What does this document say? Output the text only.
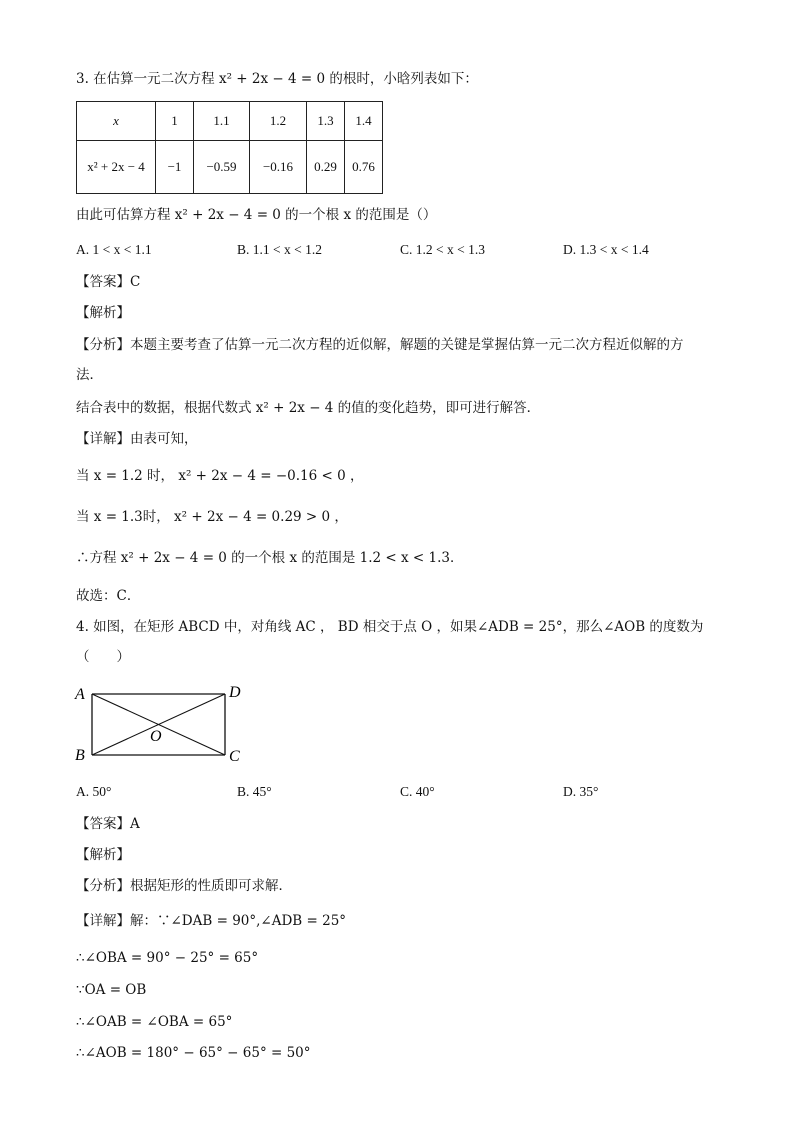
3. 在估算一元二次方程 x² + 2x − 4 = 0 的根时，小晗列表如下：
x	1	1.1	1.2	1.3	1.4
x² + 2x − 4	−1	−0.59	−0.16	0.29	0.76
由此可估算方程 x² + 2x − 4 = 0 的一个根 x 的范围是（）
A. 1 < x < 1.1	B. 1.1 < x < 1.2	C. 1.2 < x < 1.3	D. 1.3 < x < 1.4
【答案】C
【解析】
【分析】本题主要考查了估算一元二次方程的近似解，解题的关键是掌握估算一元二次方程近似解的方
法．
结合表中的数据，根据代数式 x² + 2x − 4 的值的变化趋势，即可进行解答．
【详解】由表可知，
当 x = 1.2 时， x² + 2x − 4 = −0.16 < 0 ，
当 x = 1.3时， x² + 2x − 4 = 0.29 > 0 ，
∴方程 x² + 2x − 4 = 0 的一个根 x 的范围是 1.2 < x < 1.3．
故选：C．
4. 如图，在矩形 ABCD 中，对角线 AC ， BD 相交于点 O ，如果∠ADB = 25°，那么∠AOB 的度数为
（　　）
A	D
B	C
O
A. 50°	B. 45°	C. 40°	D. 35°
【答案】A
【解析】
【分析】根据矩形的性质即可求解．
【详解】解：∵∠DAB = 90°,∠ADB = 25°
∴∠OBA = 90° − 25° = 65°
∵OA = OB
∴∠OAB = ∠OBA = 65°
∴∠AOB = 180° − 65° − 65° = 50°
